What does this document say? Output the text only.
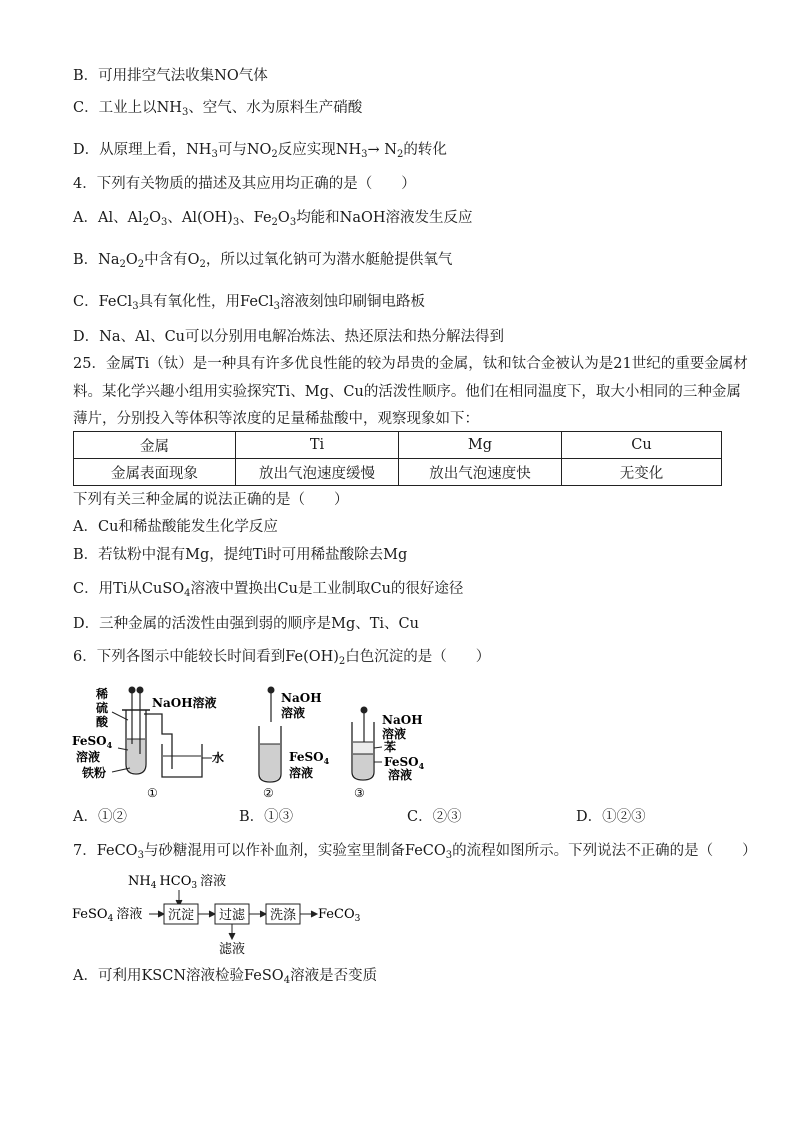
B．可用排空气法收集NO气体
C．工业上以$NH_3$、空气、水为原料生产硝酸
D．从原理上看，$NH_3$可与$NO_2$反应实现$NH_3\to N_2$的转化
4．下列有关物质的描述及其应用均正确的是（　　）
A．Al、$Al_2O_3$、$Al(OH)_3$、$Fe_2O_3$均能和NaOH溶液发生反应
B．$Na_2O_2$中含有$O_2$，所以过氧化钠可为潜水艇舱提供氧气
C．FeCl$_3$具有氧化性，用FeCl$_3$溶液刻蚀印刷铜电路板
D．Na、Al、Cu可以分别用电解冶炼法、热还原法和热分解法得到
25．金属Ti（钛）是一种具有许多优良性能的较为昂贵的金属，钛和钛合金被认为是21世纪的重要金属材
料。某化学兴趣小组用实验探究Ti、Mg、Cu的活泼性顺序。他们在相同温度下，取大小相同的三种金属
薄片，分别投入等体积等浓度的足量稀盐酸中，观察现象如下：
金属	Ti	Mg	Cu
金属表面现象	放出气泡速度缓慢	放出气泡速度快	无变化
下列有关三种金属的说法正确的是（　　）
A．Cu和稀盐酸能发生化学反应
B．若钛粉中混有Mg，提纯Ti时可用稀盐酸除去Mg
C．用Ti从CuSO$_4$溶液中置换出Cu是工业制取Cu的很好途径
D．三种金属的活泼性由强到弱的顺序是Mg、Ti、Cu
6．下列各图示中能较长时间看到$Fe(OH)_2$白色沉淀的是（　　）
稀
硫
酸
NaOH溶液
FeSO$_4$
溶液
铁粉
水
①
NaOH
溶液
FeSO$_4$
溶液
②
NaOH
溶液
苯
FeSO$_4$
溶液
③
A．①②	B．①③	C．②③	D．①②③
7．FeCO$_3$与砂糖混用可以作补血剂，实验室里制备FeCO$_3$的流程如图所示。下列说法不正确的是（　　）
$NH_4$ $HCO_3$ 溶液
FeSO$_4$ 溶液 沉淀 过滤 洗涤 FeCO$_3$
滤液
A．可利用KSCN溶液检验FeSO$_4$溶液是否变质
